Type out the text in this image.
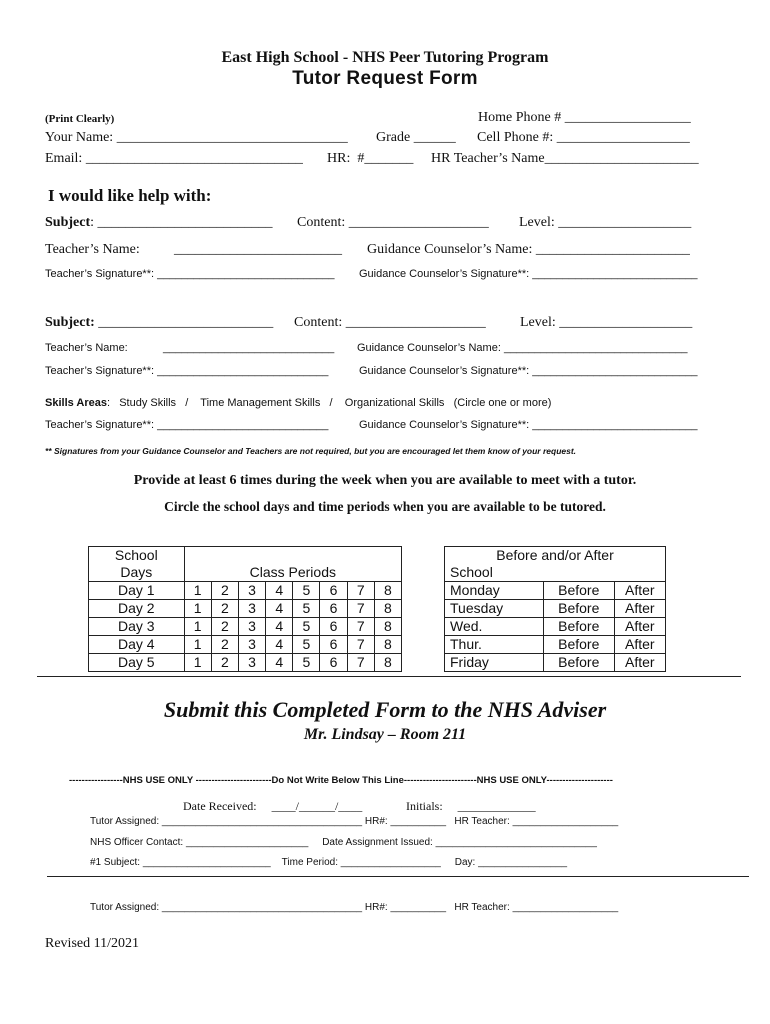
East High School - NHS Peer Tutoring Program
Tutor Request Form
(Print Clearly)	Home Phone # __________________
Your Name: _________________________________ Grade ______ Cell Phone #: ___________________
Email: _______________________________ HR:  #_______ HR Teacher’s Name______________________
I would like help with:
Subject: _________________________ Content: ____________________ Level: ___________________
Teacher’s Name: ________________________ Guidance Counselor’s Name: ______________________
Teacher’s Signature**: _____________________________ Guidance Counselor’s Signature**: ___________________________
Subject: _________________________ Content: ____________________ Level: ___________________
Teacher’s Name:	____________________________ Guidance Counselor’s Name: ______________________________
Teacher’s Signature**: ____________________________	Guidance Counselor’s Signature**: ___________________________
Skills Areas:   Study Skills   /    Time Management Skills   /    Organizational Skills   (Circle one or more)
Teacher’s Signature**: ____________________________	Guidance Counselor’s Signature**: ___________________________
** Signatures from your Guidance Counselor and Teachers are not required, but you are encouraged let them know of your request.
Provide at least 6 times during the week when you are available to meet with a tutor.
Circle the school days and time periods when you are available to be tutored.
School								

Days	Class Periods							
Day 1	1	2	3	4	5	6	7	8
Day 2	1	2	3	4	5	6	7	8
Day 3	1	2	3	4	5	6	7	8
Day 4	1	2	3	4	5	6	7	8
Day 5	1	2	3	4	5	6	7	8
Before and/or After		
School		
Monday	Before	After
Tuesday	Before	After
Wed.	Before	After
Thur.	Before	After
Friday	Before	After
Submit this Completed Form to the NHS Adviser
Mr. Lindsay – Room 211
-----------------NHS USE ONLY ------------------------Do Not Write Below This Line-----------------------NHS USE ONLY---------------------
Date Received:     ____/______/____	Initials:     _____________
Tutor Assigned: ____________________________________ HR#: __________   HR Teacher: ___________________
NHS Officer Contact: ______________________     Date Assignment Issued: _____________________________
#1 Subject: _______________________    Time Period: __________________     Day: ________________
Tutor Assigned: ____________________________________ HR#: __________   HR Teacher: ___________________
Revised 11/2021
